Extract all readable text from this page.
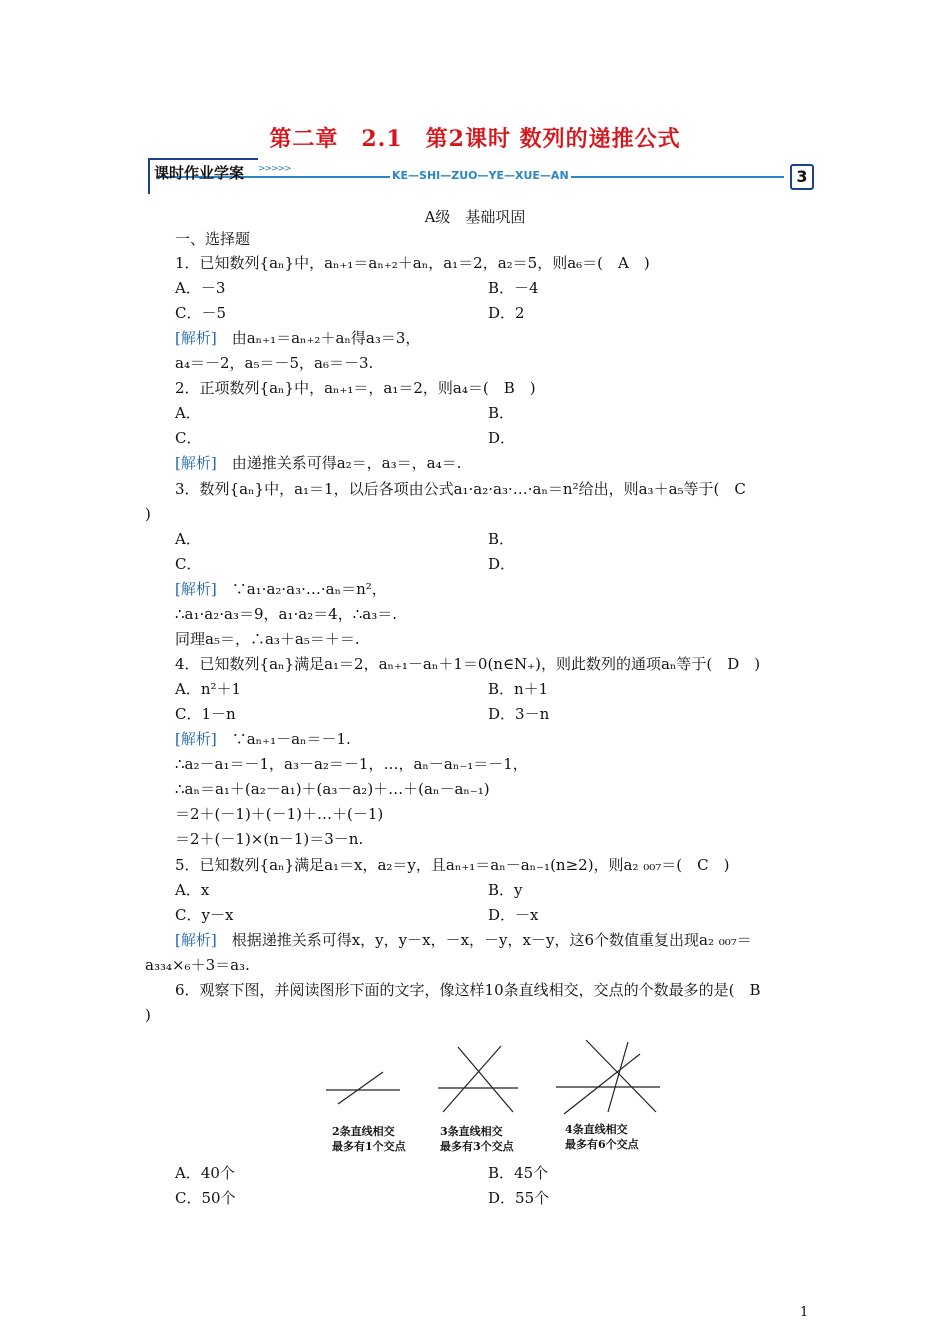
第二章　2.1　第2课时 数列的递推公式
课时作业学案 >>>>>	KE—SHI—ZUO—YE—XUE—AN	3
A级　基础巩固
一、选择题
1．已知数列{aₙ}中，aₙ₊₁＝aₙ₊₂＋aₙ，a₁＝2，a₂＝5，则a₆＝(　A　)
A．－3	B．－4
C．－5	D．2
[解析]　由aₙ₊₁＝aₙ₊₂＋aₙ得a₃＝3，
a₄＝－2，a₅＝－5，a₆＝－3.
2．正项数列{aₙ}中，aₙ₊₁＝，a₁＝2，则a₄＝(　B　)
A．	B．
C．	D．
[解析]　由递推关系可得a₂＝，a₃＝，a₄＝.
3．数列{aₙ}中，a₁＝1，以后各项由公式a₁·a₂·a₃·…·aₙ＝n²给出，则a₃＋a₅等于(　C
)
A．	B．
C．	D．
[解析]　∵a₁·a₂·a₃·…·aₙ＝n²，
∴a₁·a₂·a₃＝9，a₁·a₂＝4，∴a₃＝.
同理a₅＝，∴a₃＋a₅＝＋＝.
4．已知数列{aₙ}满足a₁＝2，aₙ₊₁－aₙ＋1＝0(n∈N₊)，则此数列的通项aₙ等于(　D　)
A．n²＋1	B．n＋1
C．1－n	D．3－n
[解析]　∵aₙ₊₁－aₙ＝－1.
∴a₂－a₁＝－1，a₃－a₂＝－1，…，aₙ－aₙ₋₁＝－1，
∴aₙ＝a₁＋(a₂－a₁)＋(a₃－a₂)＋…＋(aₙ－aₙ₋₁)
＝2＋(－1)＋(－1)＋…＋(－1)
＝2＋(－1)×(n－1)＝3－n.
5．已知数列{aₙ}满足a₁＝x，a₂＝y，且aₙ₊₁＝aₙ－aₙ₋₁(n≥2)，则a₂ ₀₀₇＝(　C　)
A．x	B．y
C．y－x	D．－x
[解析]　根据递推关系可得x，y，y－x，－x，－y，x－y，这6个数值重复出现a₂ ₀₀₇＝
a₃₃₄×₆＋3＝a₃.
6．观察下图，并阅读图形下面的文字，像这样10条直线相交，交点的个数最多的是(　B
)
2条直线相交
最多有1个交点
3条直线相交
最多有3个交点
4条直线相交
最多有6个交点
A．40个	B．45个
C．50个	D．55个
1
